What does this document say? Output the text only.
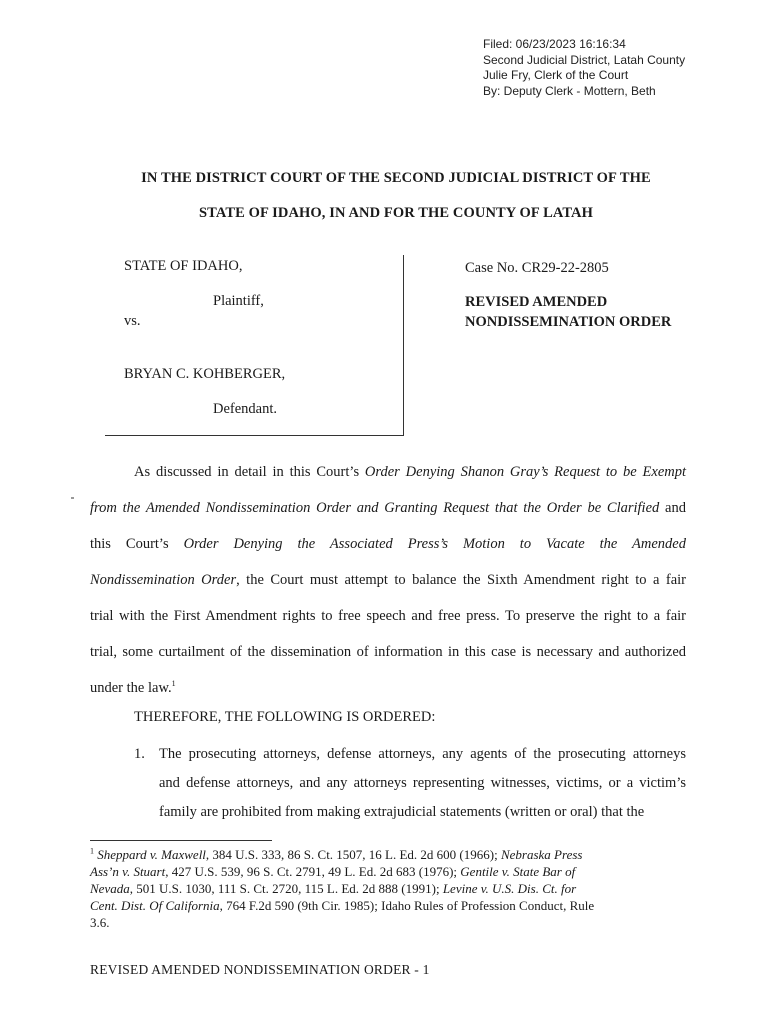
Filed: 06/23/2023 16:16:34
Second Judicial District, Latah County
Julie Fry, Clerk of the Court
By: Deputy Clerk - Mottern, Beth
IN THE DISTRICT COURT OF THE SECOND JUDICIAL DISTRICT OF THE
STATE OF IDAHO, IN AND FOR THE COUNTY OF LATAH
STATE OF IDAHO,
Plaintiff,
vs.
BRYAN C. KOHBERGER,
Defendant.
Case No. CR29-22-2805
REVISED AMENDED
NONDISSEMINATION ORDER
As discussed in detail in this Court’s Order Denying Shanon Gray’s Request to be Exempt
from the Amended Nondissemination Order and Granting Request that the Order be Clarified and
this Court’s Order Denying the Associated Press’s Motion to Vacate the Amended
Nondissemination Order, the Court must attempt to balance the Sixth Amendment right to a fair
trial with the First Amendment rights to free speech and free press. To preserve the right to a fair
trial, some curtailment of the dissemination of information in this case is necessary and authorized
under the law.$^1$
THEREFORE, THE FOLLOWING IS ORDERED:
1. The prosecuting attorneys, defense attorneys, any agents of the prosecuting attorneys
and defense attorneys, and any attorneys representing witnesses, victims, or a victim’s
family are prohibited from making extrajudicial statements (written or oral) that the
$^1$ Sheppard v. Maxwell, 384 U.S. 333, 86 S. Ct. 1507, 16 L. Ed. 2d 600 (1966); Nebraska Press
Ass’n v. Stuart, 427 U.S. 539, 96 S. Ct. 2791, 49 L. Ed. 2d 683 (1976); Gentile v. State Bar of
Nevada, 501 U.S. 1030, 111 S. Ct. 2720, 115 L. Ed. 2d 888 (1991); Levine v. U.S. Dis. Ct. for
Cent. Dist. Of California, 764 F.2d 590 (9th Cir. 1985); Idaho Rules of Profession Conduct, Rule
3.6.
REVISED AMENDED NONDISSEMINATION ORDER - 1
